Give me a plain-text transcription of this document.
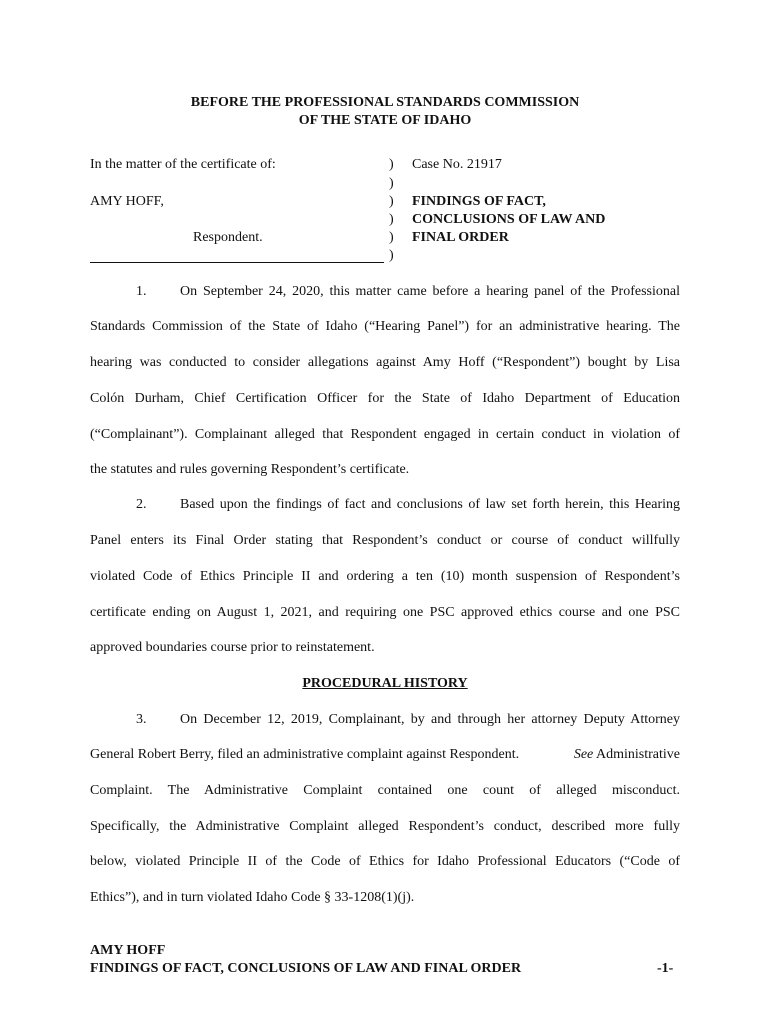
BEFORE THE PROFESSIONAL STANDARDS COMMISSION
OF THE STATE OF IDAHO
In the matter of the certificate of:
AMY HOFF,
Respondent.
)
)
)
)
)
)
Case No. 21917
FINDINGS OF FACT,
CONCLUSIONS OF LAW AND
FINAL ORDER
1. On September 24, 2020, this matter came before a hearing panel of the Professional
Standards Commission of the State of Idaho (“Hearing Panel”) for an administrative hearing. The
hearing was conducted to consider allegations against Amy Hoff (“Respondent”) bought by Lisa
Colón Durham, Chief Certification Officer for the State of Idaho Department of Education
(“Complainant”). Complainant alleged that Respondent engaged in certain conduct in violation of
the statutes and rules governing Respondent’s certificate.
2. Based upon the findings of fact and conclusions of law set forth herein, this Hearing
Panel enters its Final Order stating that Respondent’s conduct or course of conduct willfully
violated Code of Ethics Principle II and ordering a ten (10) month suspension of Respondent’s
certificate ending on August 1, 2021, and requiring one PSC approved ethics course and one PSC
approved boundaries course prior to reinstatement.
PROCEDURAL HISTORY
3. On December 12, 2019, Complainant, by and through her attorney Deputy Attorney
General Robert Berry, filed an administrative complaint against Respondent.	See Administrative
Complaint. The Administrative Complaint contained one count of alleged misconduct.
Specifically, the Administrative Complaint alleged Respondent’s conduct, described more fully
below, violated Principle II of the Code of Ethics for Idaho Professional Educators (“Code of
Ethics”), and in turn violated Idaho Code § 33-1208(1)(j).
AMY HOFF
FINDINGS OF FACT, CONCLUSIONS OF LAW AND FINAL ORDER	-1-
